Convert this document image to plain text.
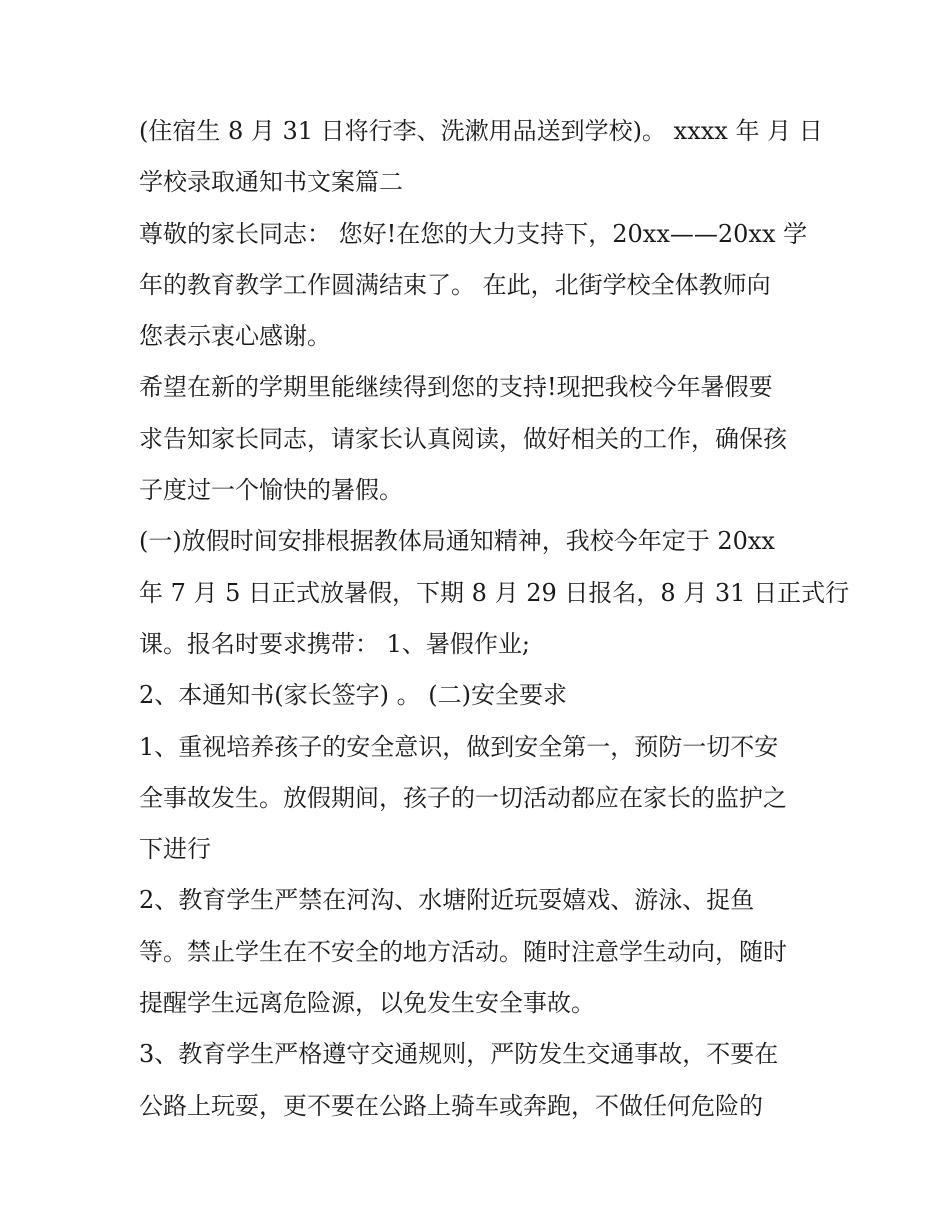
(住宿生 8 月 31 日将行李、洗漱用品送到学校)。 xxxx 年 月 日
学校录取通知书文案篇二
尊敬的家长同志： 您好!在您的大力支持下，20xx——20xx 学
年的教育教学工作圆满结束了。 在此，北街学校全体教师向
您表示衷心感谢。
希望在新的学期里能继续得到您的支持!现把我校今年暑假要
求告知家长同志，请家长认真阅读，做好相关的工作，确保孩
子度过一个愉快的暑假。
(一)放假时间安排根据教体局通知精神，我校今年定于 20xx
年 7 月 5 日正式放暑假，下期 8 月 29 日报名，8 月 31 日正式行
课。报名时要求携带： 1、暑假作业;
2、本通知书(家长签字) 。 (二)安全要求
1、重视培养孩子的安全意识，做到安全第一，预防一切不安
全事故发生。放假期间，孩子的一切活动都应在家长的监护之
下进行
2、教育学生严禁在河沟、水塘附近玩耍嬉戏、游泳、捉鱼
等。禁止学生在不安全的地方活动。随时注意学生动向，随时
提醒学生远离危险源，以免发生安全事故。
3、教育学生严格遵守交通规则，严防发生交通事故，不要在
公路上玩耍，更不要在公路上骑车或奔跑，不做任何危险的
